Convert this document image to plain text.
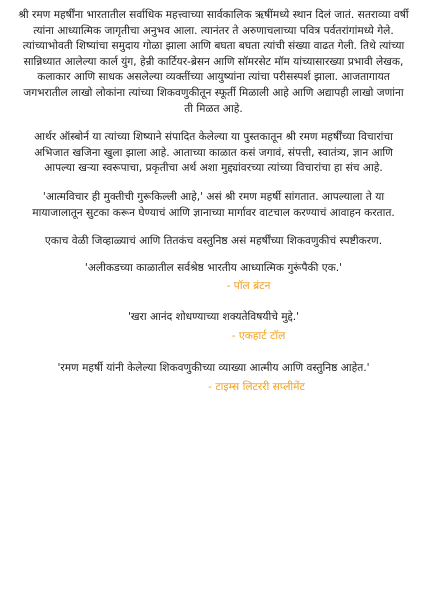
श्री रमण महर्षींना भारतातील सर्वाधिक महत्त्वाच्या सार्वकालिक ऋषींमध्ये स्थान दिलं जातं. सतराव्या वर्षी त्यांना आध्यात्मिक जागृतीचा अनुभव आला. त्यानंतर ते अरुणाचलाच्या पवित्र पर्वतरांगांमध्ये गेले. त्यांच्याभोवती शिष्यांचा समुदाय गोळा झाला आणि बघता बघता त्यांची संख्या वाढत गेली. तिथे त्यांच्या सान्निध्यात आलेल्या कार्ल युंग, हेन्री कार्टियर-ब्रेसन आणि सॉमरसेट मॉम यांच्यासारख्या प्रभावी लेखक, कलाकार आणि साधक असलेल्या व्यक्तींच्या आयुष्यांना त्यांचा परीसस्पर्श झाला. आजतागायत जगभरातील लाखो लोकांना त्यांच्या शिकवणुकीतून स्फूर्ती मिळाली आहे आणि अद्यापही लाखो जणांना ती मिळत आहे.

आर्थर ऑस्बोर्न या त्यांच्या शिष्याने संपादित केलेल्या या पुस्तकातून श्री रमण महर्षींच्या विचारांचा अभिजात खजिना खुला झाला आहे. आताच्या काळात कसं जगावं, संपत्ती, स्वातंत्र्य, ज्ञान आणि आपल्या खऱ्या स्वरूपाचा, प्रकृतीचा अर्थ अशा मुद्द्यांवरच्या त्यांच्या विचारांचा हा संच आहे.

'आत्मविचार ही मुक्तीची गुरूकिल्ली आहे,' असं श्री रमण महर्षी सांगतात. आपल्याला ते या मायाजालातून सुटका करून घेण्याचं आणि ज्ञानाच्या मार्गावर वाटचाल करण्याचं आवाहन करतात.

एकाच वेळी जिव्हाळ्याचं आणि तितकंच वस्तुनिष्ठ असं महर्षींच्या शिकवणुकीचं स्पष्टीकरण.

'अलीकडच्या काळातील सर्वश्रेष्ठ भारतीय आध्यात्मिक गुरूंपैकी एक.'

- पॉल ब्रंटन

'खरा आनंद शोधण्याच्या शक्यतेविषयीचे मुद्दे.'

- एकहार्ट टॉल

'रमण महर्षी यांनी केलेल्या शिकवणुकीच्या व्याख्या आत्मीय आणि वस्तुनिष्ठ आहेत.'

- टाइम्स लिटररी सप्लीमेंट
